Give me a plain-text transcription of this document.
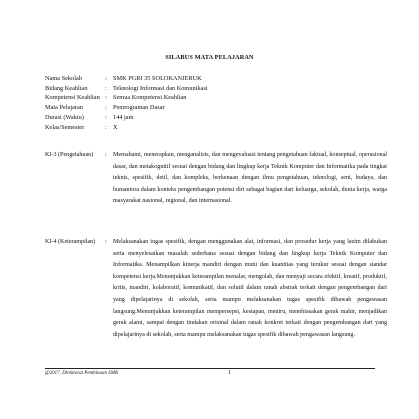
SILABUS MATA PELAJARAN
Nama Sekolah	: SMK PGRI 35 SOLOKANJERUK
Bidang Keahlian	: Teknologi Informasi dan Komunikasi
Kompetensi Keahlian : Semua Kompetensi Keahlian
Mata Pelajaran	: Pemrograman Dasar
Durasi (Waktu)	: 144 jam
Kelas/Semester	: X
KI-3 (Pengetahuan)	:	Memahami, menerapkan, menganalisis, dan mengevaluasi tentang pengetahuan faktual, konseptual, operasional dasar, dan metakognitif sesuai dengan bidang dan lingkup kerja Teknik Komputer dan Informatika pada tingkat teknis, spesifik, detil, dan kompleks, berkenaan dengan ilmu pengetahuan, teknologi, seni, budaya, dan humaniora dalam konteks pengembangan potensi diri sebagai bagian dari keluarga, sekolah, dunia kerja, warga masyarakat nasional, regional, dan internasional.
KI-4 (Keterampilan)	:	Melaksanakan tugas spesifik, dengan menggunakan alat, informasi, dan prosedur kerja yang lazim dilakukan serta menyelesaikan masalah sederhana sesuai dengan bidang dan lingkup kerja Teknik Komputer dan Informatika. Menampilkan kinerja mandiri dengan mutu dan kuantitas yang terukur sesuai dengan standar kompetensi kerja.Menunjukkan keterampilan menalar, mengolah, dan menyaji secara efektif, kreatif, produktif, kritis, mandiri, kolaboratif, komunikatif, dan solutif dalam ranah abstrak terkait dengan pengembangan dari yang dipelajarinya di sekolah, serta mampu melaksanakan tugas spesifik dibawah pengawasan langsung.Menunjukkan keterampilan mempersepsi, kesiapan, meniru, membiasakan gerak mahir, menjadikan gerak alami, sampai dengan tindakan orisinal dalam ranah konkret terkait dengan pengembangan dari yang dipelajarinya di sekolah, serta mampu melaksanakan tugas spesifik dibawah pengawasan langsung.
@2017, Direktorat Pembinaan SMK	1
